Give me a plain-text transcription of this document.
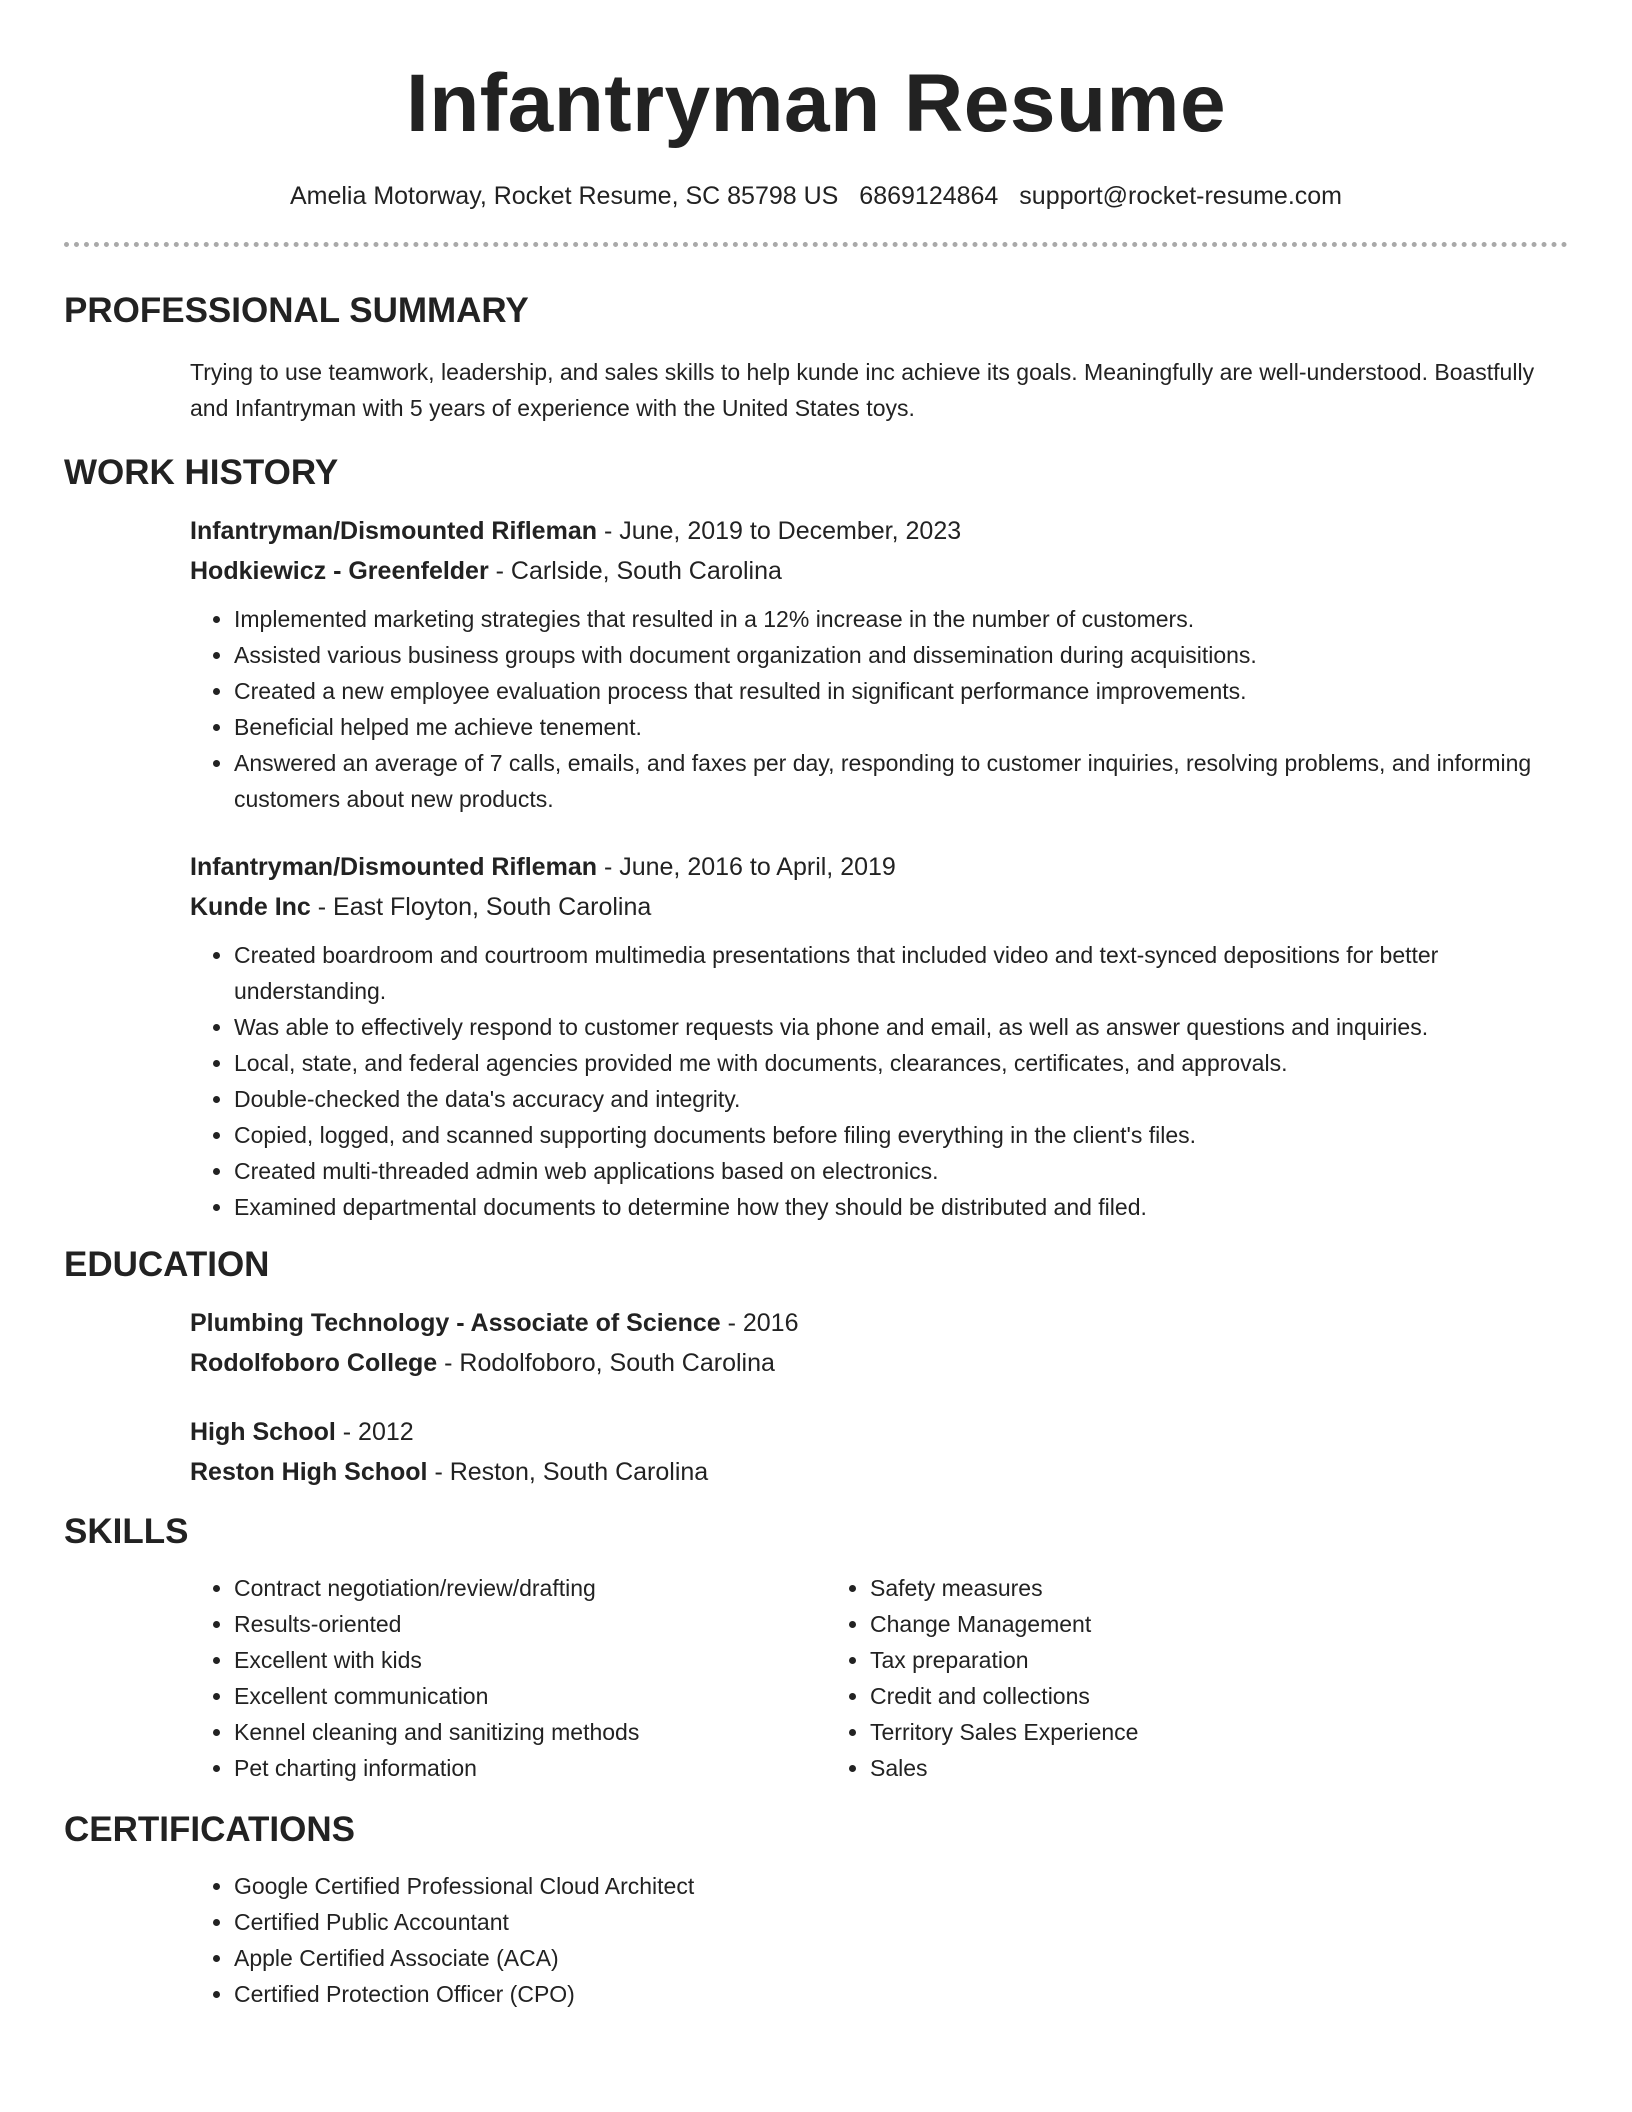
Infantryman Resume
Amelia Motorway, Rocket Resume, SC 85798 US 6869124864 support@rocket-resume.com
PROFESSIONAL SUMMARY

Trying to use teamwork, leadership, and sales skills to help kunde inc achieve its goals. Meaningfully are well-understood. Boastfully and Infantryman with 5 years of experience with the United States toys.

WORK HISTORY

Infantryman/Dismounted Rifleman - June, 2019 to December, 2023

Hodkiewicz - Greenfelder - Carlside, South Carolina

• Implemented marketing strategies that resulted in a 12% increase in the number of customers.
• Assisted various business groups with document organization and dissemination during acquisitions.
• Created a new employee evaluation process that resulted in significant performance improvements.
• Beneficial helped me achieve tenement.
• Answered an average of 7 calls, emails, and faxes per day, responding to customer inquiries, resolving problems, and informing customers about new products.

Infantryman/Dismounted Rifleman - June, 2016 to April, 2019

Kunde Inc - East Floyton, South Carolina

• Created boardroom and courtroom multimedia presentations that included video and text-synced depositions for better understanding.
• Was able to effectively respond to customer requests via phone and email, as well as answer questions and inquiries.
• Local, state, and federal agencies provided me with documents, clearances, certificates, and approvals.
• Double-checked the data's accuracy and integrity.
• Copied, logged, and scanned supporting documents before filing everything in the client's files.
• Created multi-threaded admin web applications based on electronics.
• Examined departmental documents to determine how they should be distributed and filed.
EDUCATION

Plumbing Technology - Associate of Science - 2016

Rodolfoboro College - Rodolfoboro, South Carolina

High School - 2012

Reston High School - Reston, South Carolina

SKILLS
• Contract negotiation/review/drafting
• Results-oriented
• Excellent with kids
• Excellent communication
• Kennel cleaning and sanitizing methods
• Pet charting information
• Safety measures
• Change Management
• Tax preparation
• Credit and collections
• Territory Sales Experience
• Sales
CERTIFICATIONS
• Google Certified Professional Cloud Architect
• Certified Public Accountant
• Apple Certified Associate (ACA)
• Certified Protection Officer (CPO)
